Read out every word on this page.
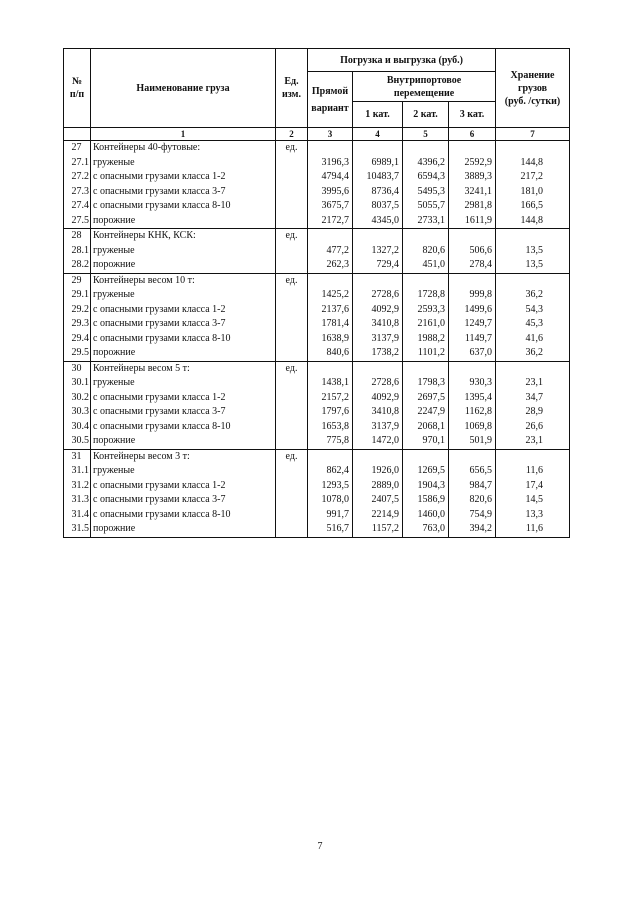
№
п/п	Наименование груза	Ед.
изм.	Погрузка и выгрузка (руб.)				Хранение
грузов
(руб. /сутки)
			Прямой
вариант	Внутрипортовое
перемещение			
				1 кат.	2 кат.	3 кат.	
	1	2	3	4	5	6	7
27	Контейнеры 40-футовые:	ед.					
27.1	груженые		3196,3	6989,1	4396,2	2592,9	144,8
27.2	с опасными грузами класса 1-2		4794,4	10483,7	6594,3	3889,3	217,2
27.3	с опасными грузами класса 3-7		3995,6	8736,4	5495,3	3241,1	181,0
27.4	с опасными грузами класса 8-10		3675,7	8037,5	5055,7	2981,8	166,5
27.5	порожние		2172,7	4345,0	2733,1	1611,9	144,8
28	Контейнеры КНК, КСК:	ед.					
28.1	груженые		477,2	1327,2	820,6	506,6	13,5
28.2	порожние		262,3	729,4	451,0	278,4	13,5
29	Контейнеры весом 10 т:	ед.					
29.1	груженые		1425,2	2728,6	1728,8	999,8	36,2
29.2	с опасными грузами класса 1-2		2137,6	4092,9	2593,3	1499,6	54,3
29.3	с опасными грузами класса 3-7		1781,4	3410,8	2161,0	1249,7	45,3
29.4	с опасными грузами класса 8-10		1638,9	3137,9	1988,2	1149,7	41,6
29.5	порожние		840,6	1738,2	1101,2	637,0	36,2
30	Контейнеры весом 5 т:	ед.					
30.1	груженые		1438,1	2728,6	1798,3	930,3	23,1
30.2	с опасными грузами класса 1-2		2157,2	4092,9	2697,5	1395,4	34,7
30.3	с опасными грузами класса 3-7		1797,6	3410,8	2247,9	1162,8	28,9
30.4	с опасными грузами класса 8-10		1653,8	3137,9	2068,1	1069,8	26,6
30.5	порожние		775,8	1472,0	970,1	501,9	23,1
31	Контейнеры весом 3 т:	ед.					
31.1	груженые		862,4	1926,0	1269,5	656,5	11,6
31.2	с опасными грузами класса 1-2		1293,5	2889,0	1904,3	984,7	17,4
31.3	с опасными грузами класса 3-7		1078,0	2407,5	1586,9	820,6	14,5
31.4	с опасными грузами класса 8-10		991,7	2214,9	1460,0	754,9	13,3
31.5	порожние		516,7	1157,2	763,0	394,2	11,6
7
